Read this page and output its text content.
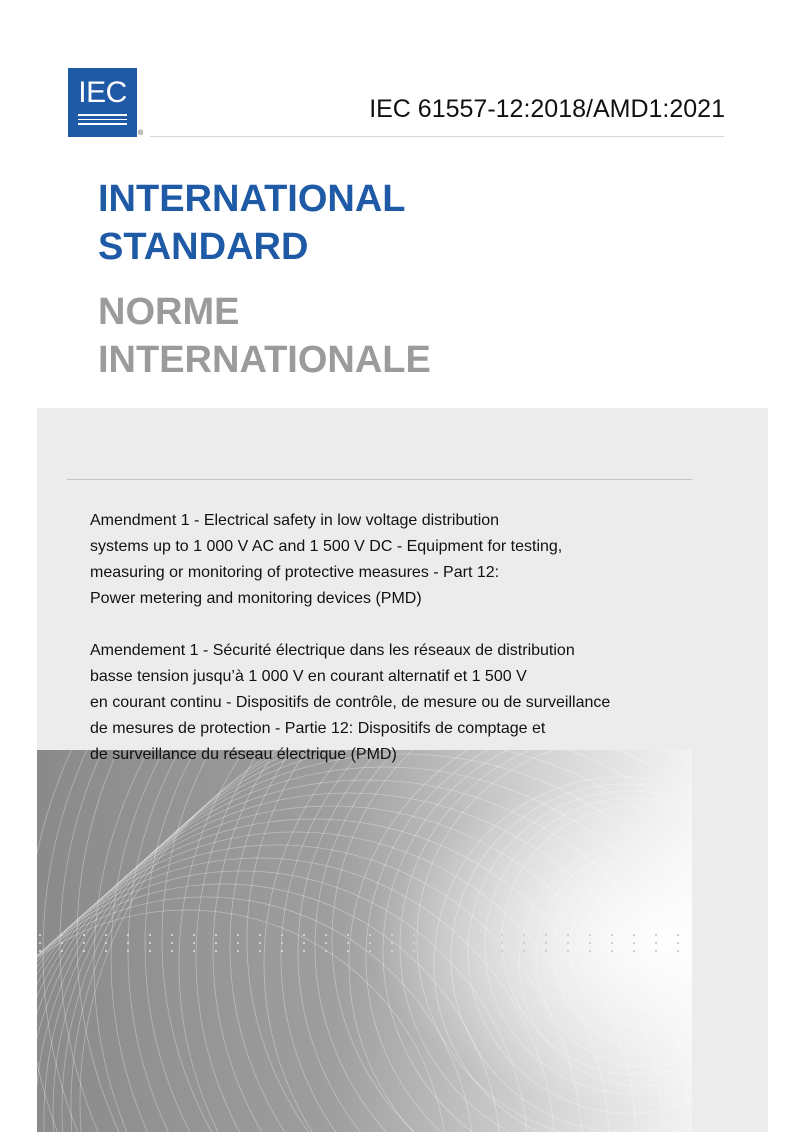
IEC
®
IEC 61557-12:2018/AMD1:2021
INTERNATIONAL
STANDARD
NORME
INTERNATIONALE

Amendment 1 - Electrical safety in low voltage distribution

systems up to 1 000 V AC and 1 500 V DC - Equipment for testing,

measuring or monitoring of protective measures - Part 12:

Power metering and monitoring devices (PMD)

Amendement 1 - Sécurité électrique dans les réseaux de distribution

basse tension jusqu’à 1 000 V en courant alternatif et 1 500 V

en courant continu - Dispositifs de contrôle, de mesure ou de surveillance

de mesures de protection - Partie 12: Dispositifs de comptage et

de surveillance du réseau électrique (PMD)
